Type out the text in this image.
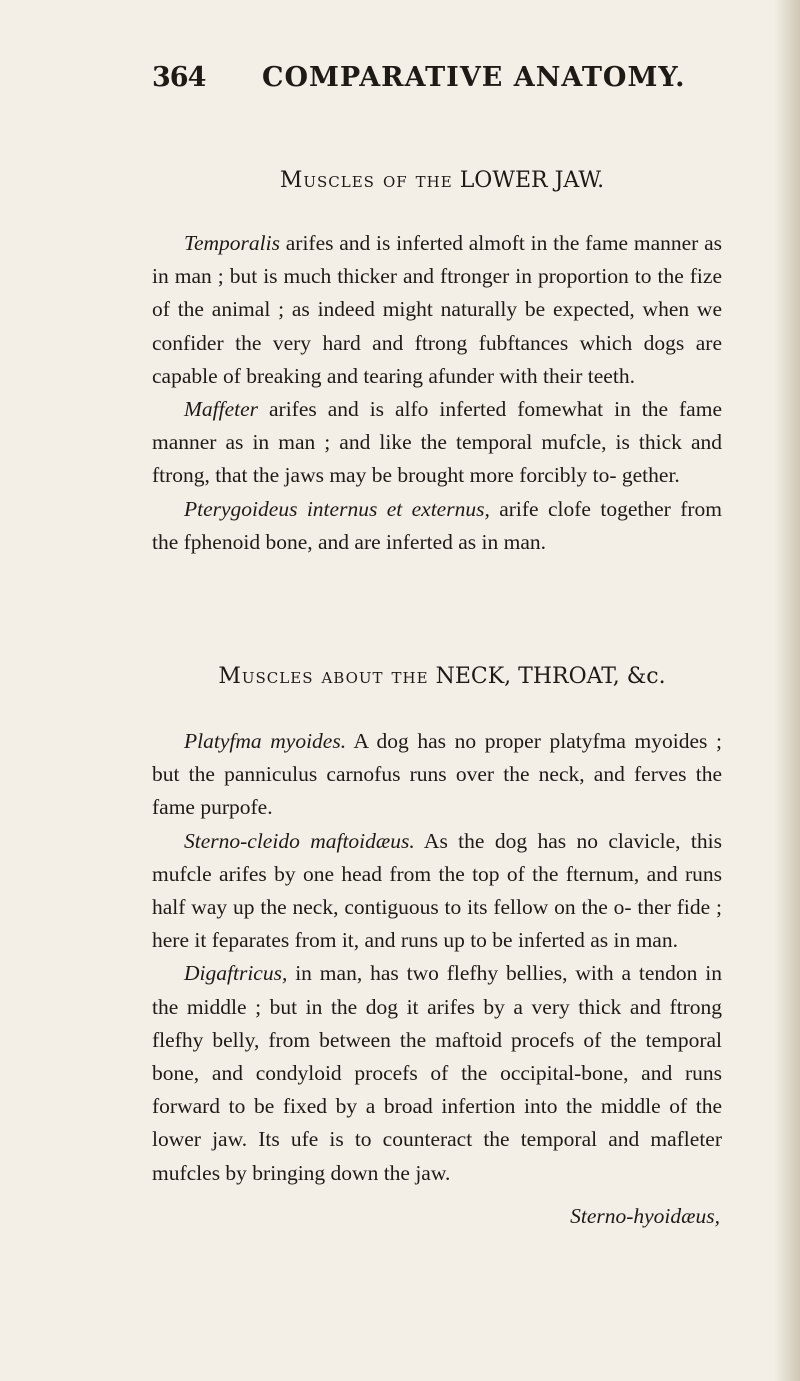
364 COMPARATIVE ANATOMY.
Muscles of the LOWER JAW.

Temporalis arifes and is inferted almoft in the fame manner as in man ; but is much thicker and ftronger in proportion to the fize of the animal ; as indeed might naturally be expected, when we confider the very hard and ftrong fubftances which dogs are capable of breaking and tearing afunder with their teeth.

Maffeter arifes and is alfo inferted fomewhat in the fame manner as in man ; and like the temporal mufcle, is thick and ftrong, that the jaws may be brought more forcibly to- gether.

Pterygoideus internus et externus, arife clofe together from the fphenoid bone, and are inferted as in man.

Muscles about the NECK, THROAT, &c.

Platyfma myoides. A dog has no proper platyfma myoides ; but the panniculus carnofus runs over the neck, and ferves the fame purpofe.

Sterno-cleido maftoidæus. As the dog has no clavicle, this mufcle arifes by one head from the top of the fternum, and runs half way up the neck, contiguous to its fellow on the o- ther fide ; here it feparates from it, and runs up to be inferted as in man.

Digaftricus, in man, has two flefhy bellies, with a tendon in the middle ; but in the dog it arifes by a very thick and ftrong flefhy belly, from between the maftoid procefs of the temporal bone, and condyloid procefs of the occipital-bone, and runs forward to be fixed by a broad infertion into the middle of the lower jaw. Its ufe is to counteract the temporal and mafleter mufcles by bringing down the jaw.

Sterno-hyoidæus,
